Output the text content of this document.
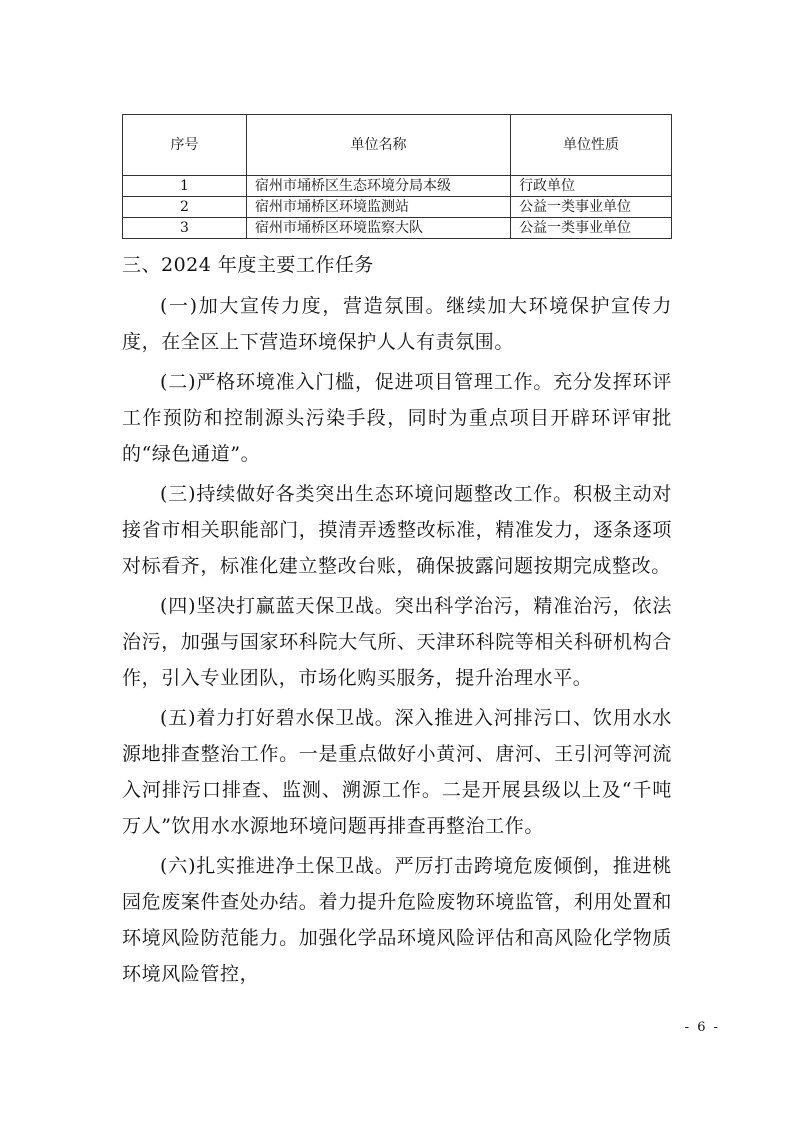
序号	单位名称	单位性质
1	宿州市埇桥区生态环境分局本级	行政单位
2	宿州市埇桥区环境监测站	公益一类事业单位
3	宿州市埇桥区环境监察大队	公益一类事业单位
三、2024 年度主要工作任务

(一)加大宣传力度，营造氛围。继续加大环境保护宣传力度，在全区上下营造环境保护人人有责氛围。

(二)严格环境准入门槛，促进项目管理工作。充分发挥环评工作预防和控制源头污染手段，同时为重点项目开辟环评审批的“绿色通道”。

(三)持续做好各类突出生态环境问题整改工作。积极主动对接省市相关职能部门，摸清弄透整改标准，精准发力，逐条逐项对标看齐，标准化建立整改台账，确保披露问题按期完成整改。

(四)坚决打赢蓝天保卫战。突出科学治污，精准治污，依法治污，加强与国家环科院大气所、天津环科院等相关科研机构合作，引入专业团队，市场化购买服务，提升治理水平。

(五)着力打好碧水保卫战。深入推进入河排污口、饮用水水源地排查整治工作。一是重点做好小黄河、唐河、王引河等河流入河排污口排查、监测、溯源工作。二是开展县级以上及“千吨万人”饮用水水源地环境问题再排查再整治工作。

(六)扎实推进净土保卫战。严厉打击跨境危废倾倒，推进桃园危废案件查处办结。着力提升危险废物环境监管，利用处置和环境风险防范能力。加强化学品环境风险评估和高风险化学物质环境风险管控，

- 6 -
